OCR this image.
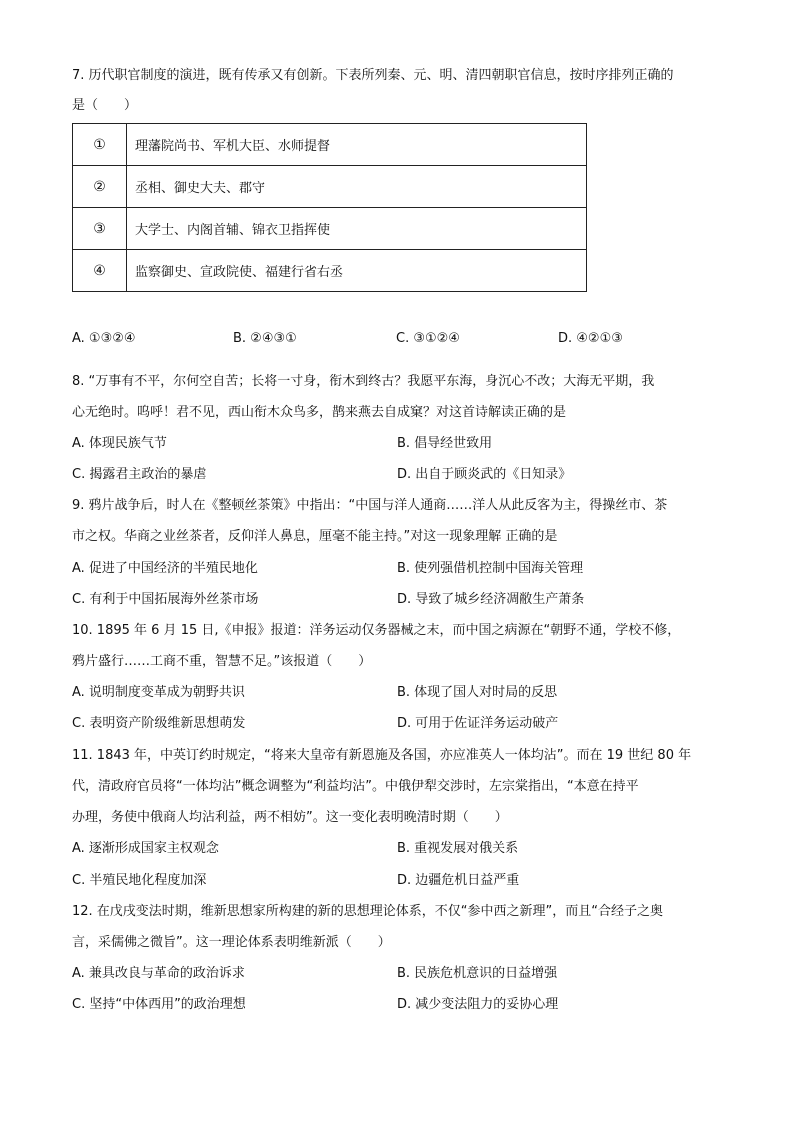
7. 历代职官制度的演进，既有传承又有创新。下表所列秦、元、明、清四朝职官信息，按时序排列正确的
是（　　）
①	理藩院尚书、军机大臣、水师提督
②	丞相、御史大夫、郡守
③	大学士、内阁首辅、锦衣卫指挥使
④	监察御史、宣政院使、福建行省右丞
A. ①③②④	B. ②④③①	C. ③①②④	D. ④②①③
8. “万事有不平，尔何空自苦；长将一寸身，衔木到终古？我愿平东海，身沉心不改；大海无平期，我
心无绝时。呜呼！君不见，西山衔木众鸟多，鹊来燕去自成窠？对这首诗解读正确的是
A. 体现民族气节	B. 倡导经世致用
C. 揭露君主政治的暴虐	D. 出自于顾炎武的《日知录》
9. 鸦片战争后，时人在《整顿丝茶策》中指出：“中国与洋人通商……洋人从此反客为主，得操丝市、茶
市之权。华商之业丝茶者，反仰洋人鼻息，厘毫不能主持。”对这一现象理解 正确的是
A. 促进了中国经济的半殖民地化	B. 使列强借机控制中国海关管理
C. 有利于中国拓展海外丝茶市场	D. 导致了城乡经济凋敝生产萧条
10. 1895 年 6 月 15 日,《申报》报道：洋务运动仅务器械之末，而中国之病源在“朝野不通，学校不修，
鸦片盛行……工商不重，智慧不足。”该报道（　　）
A. 说明制度变革成为朝野共识	B. 体现了国人对时局的反思
C. 表明资产阶级维新思想萌发	D. 可用于佐证洋务运动破产
11. 1843 年，中英订约时规定，“将来大皇帝有新恩施及各国，亦应准英人一体均沾”。而在 19 世纪 80 年
代，清政府官员将“一体均沾”概念调整为“利益均沾”。中俄伊犁交涉时，左宗棠指出，“本意在持平
办理，务使中俄商人均沾利益，两不相妨”。这一变化表明晚清时期（　　）
A. 逐渐形成国家主权观念	B. 重视发展对俄关系
C. 半殖民地化程度加深	D. 边疆危机日益严重
12. 在戊戌变法时期，维新思想家所构建的新的思想理论体系，不仅“参中西之新理”，而且“合经子之奥
言，采儒佛之微旨”。这一理论体系表明维新派（　　）
A. 兼具改良与革命的政治诉求	B. 民族危机意识的日益增强
C. 坚持“中体西用”的政治理想	D. 减少变法阻力的妥协心理
